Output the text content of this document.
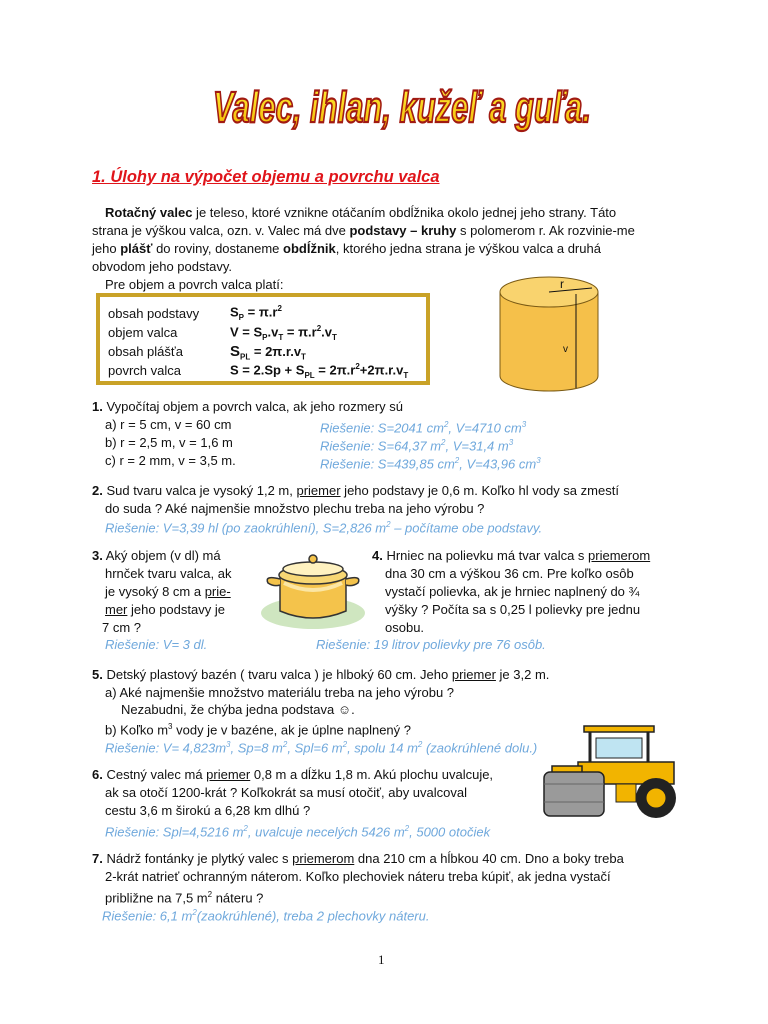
Valec, ihlan, kužeľ a guľa.
1. Úlohy na výpočet objemu a povrchu valca
Rotačný valec je teleso, ktoré vznikne otáčaním obdĺžnika okolo jednej jeho strany. Táto
strana je výškou valca, ozn. v. Valec má dve podstavy – kruhy s polomerom r. Ak rozvinie-me
jeho plášť do roviny, dostaneme obdĺžnik, ktorého jedna strana je výškou valca a druhá
obvodom jeho podstavy.
Pre objem a povrch valca platí:
obsah podstavy $S_P = \pi.r^2$
objem valca	$V = S_P.v_T = \pi.r^2.v_T$
obsah plášťa	$S_{PL} = 2\pi.r.v_T$
povrch valca	$S = 2.Sp + S_{PL} = 2\pi.r^2+2\pi.r.v_T$
r
v
1. Vypočítaj objem a povrch valca, ak jeho rozmery sú
a) r = 5 cm, v = 60 cm
b) r = 2,5 m, v = 1,6 m
c) r = 2 mm, v = 3,5 m.
Riešenie: S=2041 $cm^2$, V=4710 $cm^3$
Riešenie: S=64,37 $m^2$, V=31,4 $m^3$
Riešenie: S=439,85 $cm^2$, V=43,96 $cm^3$
2. Sud tvaru valca je vysoký 1,2 m, priemer jeho podstavy je 0,6 m. Koľko hl vody sa zmestí
do suda ? Aké najmenšie množstvo plechu treba na jeho výrobu ?
Riešenie: V=3,39 hl (po zaokrúhlení), S=2,826 $m^2$ – počítame obe podstavy.
3. Aký objem (v dl) má
hrnček tvaru valca, ak
je vysoký 8 cm a prie-
mer jeho podstavy je
7 cm ?
Riešenie: V= 3 dl.
4. Hrniec na polievku má tvar valca s priemerom
dna 30 cm a výškou 36 cm. Pre koľko osôb
vystačí polievka, ak je hrniec naplnený do ¾
výšky ? Počíta sa s 0,25 l polievky pre jednu
osobu.
Riešenie: 19 litrov polievky pre 76 osôb.
5. Detský plastový bazén ( tvaru valca ) je hlboký 60 cm. Jeho priemer je 3,2 m.
a) Aké najmenšie množstvo materiálu treba na jeho výrobu ?
Nezabudni, že chýba jedna podstava ☺.
b) Koľko $m^3$ vody je v bazéne, ak je úplne naplnený ?
Riešenie: $V= 4,823m^3$, Sp=8 $m^2$, Spl=6 $m^2$, spolu 14 $m^2$ (zaokrúhlené dolu.)
6. Cestný valec má priemer 0,8 m a dĺžku 1,8 m. Akú plochu uvalcuje,
ak sa otočí 1200-krát ? Koľkokrát sa musí otočiť, aby uvalcoval
cestu 3,6 m širokú a 6,28 km dlhú ?
Riešenie: Spl=4,5216 $m^2$, uvalcuje necelých 5426 $m^2$, 5000 otočiek
7. Nádrž fontánky je plytký valec s priemerom dna 210 cm a hĺbkou 40 cm. Dno a boky treba
2-krát natrieť ochranným náterom. Koľko plechoviek náteru treba kúpiť, ak jedna vystačí
približne na 7,5 $m^2$ náteru ?
Riešenie: 6,1 $m^2(zaokrúhlené)$, treba 2 plechovky náteru.
1
